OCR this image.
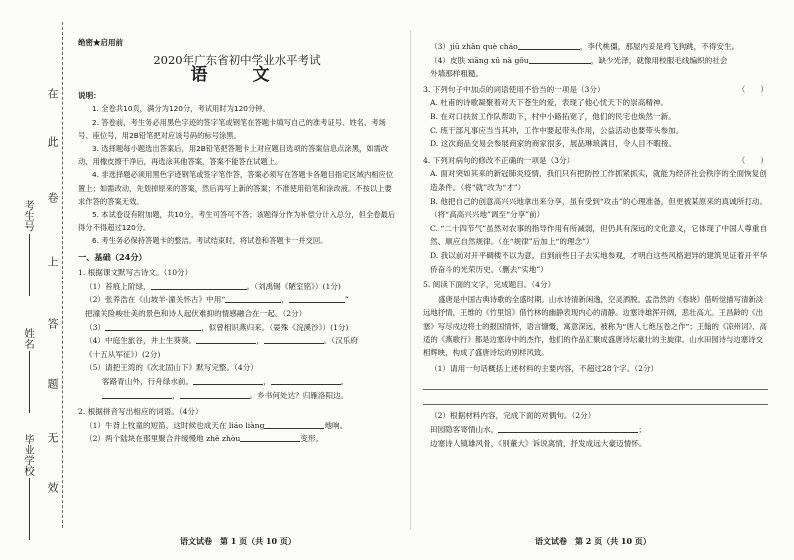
在
此
卷
上
答
题
无
效
考生号
姓名
毕业学校
绝密★启用前
2020年广东省初中学业水平考试
语　文
说明：
1. 全卷共10页，满分为120分，考试用时为120分钟。
2. 答卷前，考生务必用黑色字迹的签字笔或钢笔在答题卡填写自己的准考证号、姓名、考场号、座位号，用2B铅笔把对应该号码的标号涂黑。
3. 选择题每小题选出答案后，用2B铅笔把答题卡上对应题目选项的答案信息点涂黑，如需改动，用橡皮擦干净后，再选涂其他答案，答案不能答在试题上。
4. 非选择题必须用黑色字迹钢笔或签字笔作答，答案必须写在答题卡各题目指定区域内相应位置上；如需改动，先划掉原来的答案，然后再写上新的答案；不准使用铅笔和涂改液。不按以上要求作答的答案无效。
5. 本试卷设有附加题，共10分，考生可答可不答；该题得分作为补偿分计入总分，但全卷最后得分不得超过120分。
6. 考生务必保持答题卡的整洁。考试结束时，将试卷和答题卡一并交回。
一、基础（24分）
1. 根据课文默写古诗文。（10分）
（1）苔痕上阶绿，	。（刘禹锡《陋室铭》）(1分)
（2）张养浩在《山坡羊·潼关怀古》中用“	，	”
把潼关险峻壮美的景色和诗人起伏难抑的情感融合在一起。（2分）
（3）	，似曾相识燕归来。（晏殊《浣溪沙》）(1分)
（4）中庭生旅谷，井上生葵葵。	，	。（汉乐府
《十五从军征》）(2分)
（5）请把王湾的《次北固山下》默写完整。（4分）
客路青山外，行舟绿水前。	，	。
，	。乡书何处达？归雁洛阳边。
2. 根据拼音写出相应的词语。（4分）
（1）牛背上牧童的短笛，这时候也成天在 liáo liàng	地响。
（2）两个陆块在那里聚合并缓慢地 zhě zhòu	变形。
（3）jiū zhān què cháo	，李代桃僵，那屋内妥是鸡飞狗跳，不得安生。
（4）皮肤 xiāng xū nà gǒu	，缺少光泽，就像用校服毛线编织的社会
外墙那样粗糙。
3. 下列句子中加点的词语使用不恰当的一项是（3分）	（　　）
A. 杜甫的诗歌凝聚着对天下苍生的爱，表现了他心忧天下的崇高精神。
B. 在对口扶贫工作队帮助下，村中小路拓宽了，他们的民宅也焕然一新。
C. 班干部凡事应当当其冲，工作中要起带头作用，公益活动也要带头参加。
D. 这次商品交易会参展商家的商家很多，展品琳琅满目，令人目不暇接。
4. 下列对病句的修改不正确的一项是（3分）	（　　）
A. 面对突如其来的新冠肺炎疫情，我们只有把防控工作抓紧抓实，就能为经济社会秩序的全面恢复创造条件。（将“就”改为“才”）
B. 他把自己的创意高兴兴地拿出来分享，虽有受到“攻击”的心理准备，但更被某原来的真诚所打动。（将“高高兴兴地”调至“分享”前）
C. “二十四节气”虽然对农事的指导作用有所减弱，但仍具有深远的文化意义，它体现了中国人尊重自然、顺应自然规律。（在“规律”后加上“的理念”）
D. 我以前对开平碉楼不以为意，自到前些日子去实地参观，才明白这些风格迥异的建筑见证着开平华侨奋斗的光荣历史。（删去“实地”）
5. 阅读下面的文字，完成题目。（4分）
盛唐是中国古典诗歌的全盛时期。山水诗清新闲逸，空灵洒脱。孟浩然的《春晓》借听觉描写清新淡远地抒情，王维的《竹里馆》借竹林的幽静表现内心的清静。边塞诗雄浑开阔，悲壮高亢。王昌龄的《出塞》写尽戍边将士的报国情怀，语言慷慨，寓意深远，被称为“唐人七绝压卷之作”；王翰的《凉州词》、高适的《燕歌行》都是边塞诗中的杰作，他们的作品汇聚成盛唐诗坛豪壮的主旋律。山水田园诗与边塞诗交相辉映，构成了盛唐诗坛的别样风致。
（1）请用一句话概括上述材料的主要内容，不超过28个字。（2分）
（2）根据材料内容，完成下面的对偶句。（2分）
田园隐客寄情山水，	；
边塞诗人镇雄风骨，《别董大》诉说离情，抒发成远大豪迈情怀。
语文试卷　第 1 页（共 10 页）	语文试卷　第 2 页（共 10 页）
